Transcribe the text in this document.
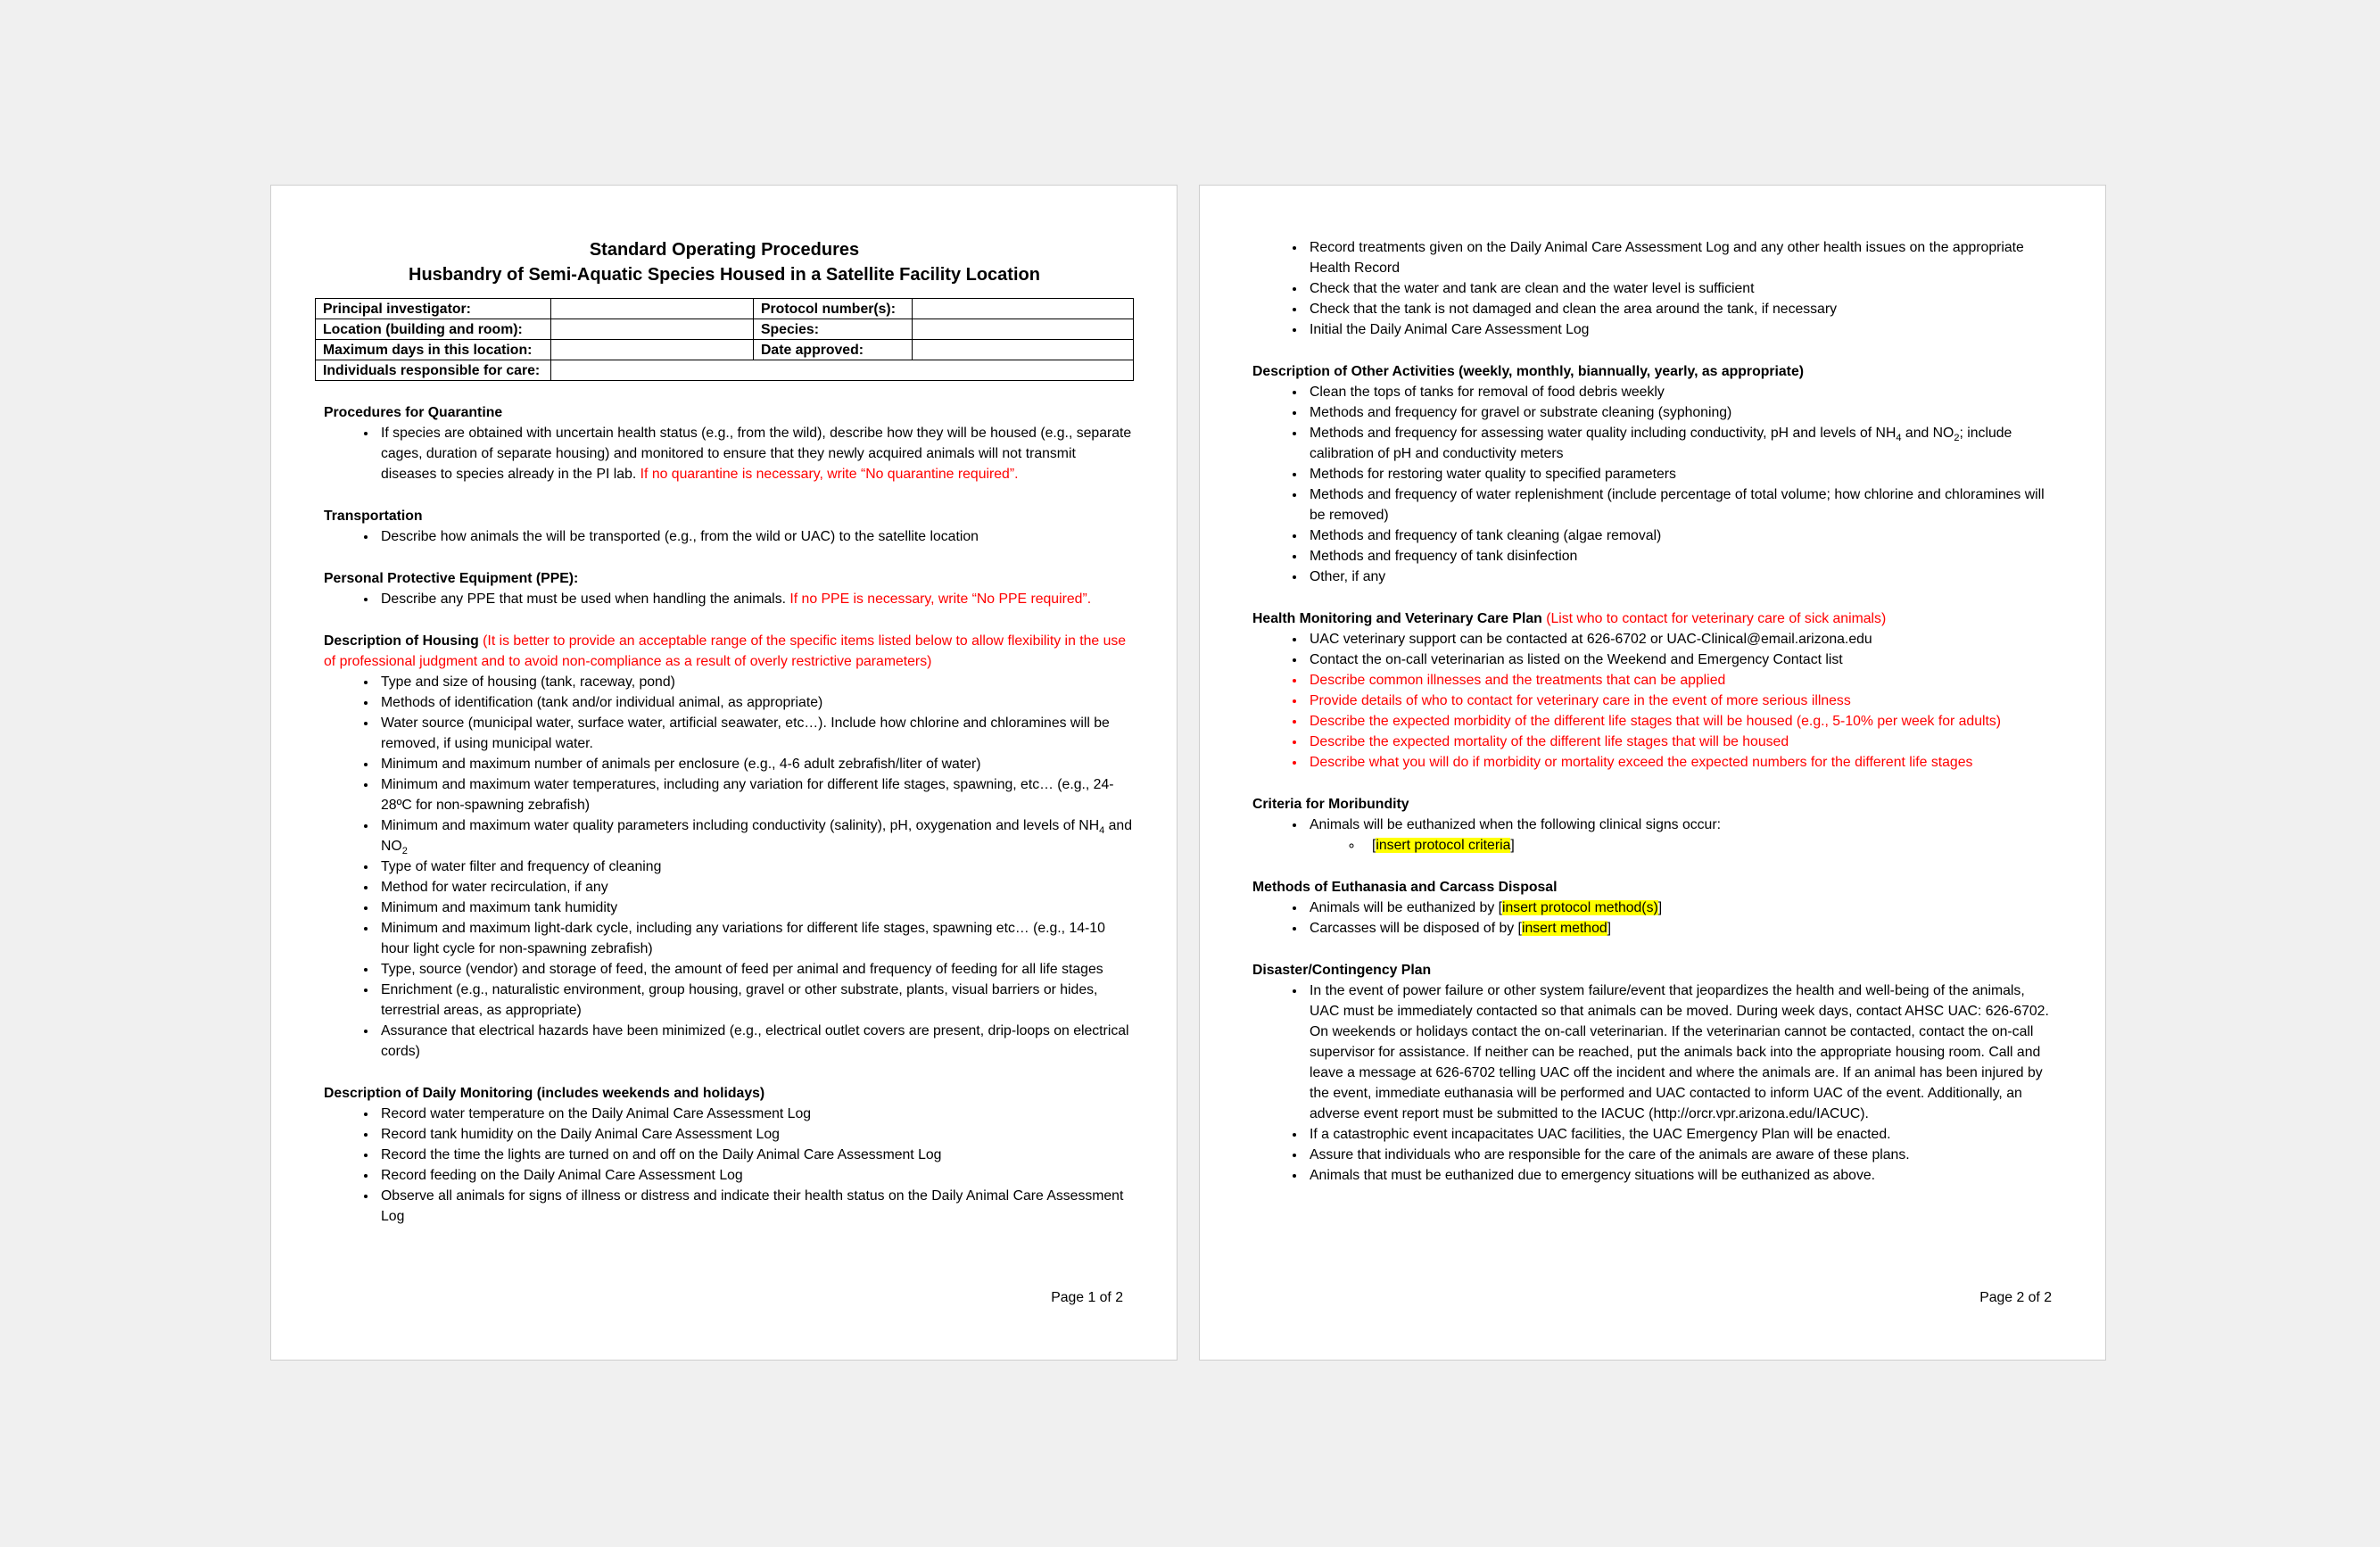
Standard Operating Procedures
Husbandry of Semi-Aquatic Species Housed in a Satellite Facility Location
Principal investigator:		Protocol number(s):	
Location (building and room):		Species:	
Maximum days in this location:		Date approved:	
Individuals responsible for care:			
Procedures for Quarantine
• If species are obtained with uncertain health status (e.g., from the wild), describe how they will be housed (e.g., separate cages, duration of separate housing) and monitored to ensure that they newly acquired animals will not transmit diseases to species already in the PI lab. If no quarantine is necessary, write “No quarantine required”.
Transportation
• Describe how animals the will be transported (e.g., from the wild or UAC) to the satellite location
Personal Protective Equipment (PPE):
• Describe any PPE that must be used when handling the animals. If no PPE is necessary, write “No PPE required”.
Description of Housing (It is better to provide an acceptable range of the specific items listed below to allow flexibility in the use of professional judgment and to avoid non-compliance as a result of overly restrictive parameters)
• Type and size of housing (tank, raceway, pond)
• Methods of identification (tank and/or individual animal, as appropriate)
• Water source (municipal water, surface water, artificial seawater, etc…). Include how chlorine and chloramines will be removed, if using municipal water.
• Minimum and maximum number of animals per enclosure (e.g., 4-6 adult zebrafish/liter of water)
• Minimum and maximum water temperatures, including any variation for different life stages, spawning, etc… (e.g., 24-28ºC for non-spawning zebrafish)
• Minimum and maximum water quality parameters including conductivity (salinity), pH, oxygenation and levels of $NH_4$ and $NO_2$
• Type of water filter and frequency of cleaning
• Method for water recirculation, if any
• Minimum and maximum tank humidity
• Minimum and maximum light-dark cycle, including any variations for different life stages, spawning etc… (e.g., 14-10 hour light cycle for non-spawning zebrafish)
• Type, source (vendor) and storage of feed, the amount of feed per animal and frequency of feeding for all life stages
• Enrichment (e.g., naturalistic environment, group housing, gravel or other substrate, plants, visual barriers or hides, terrestrial areas, as appropriate)
• Assurance that electrical hazards have been minimized (e.g., electrical outlet covers are present, drip-loops on electrical cords)
Description of Daily Monitoring (includes weekends and holidays)
• Record water temperature on the Daily Animal Care Assessment Log
• Record tank humidity on the Daily Animal Care Assessment Log
• Record the time the lights are turned on and off on the Daily Animal Care Assessment Log
• Record feeding on the Daily Animal Care Assessment Log
• Observe all animals for signs of illness or distress and indicate their health status on the Daily Animal Care Assessment Log
Page 1 of 2
• Record treatments given on the Daily Animal Care Assessment Log and any other health issues on the appropriate Health Record
• Check that the water and tank are clean and the water level is sufficient
• Check that the tank is not damaged and clean the area around the tank, if necessary
• Initial the Daily Animal Care Assessment Log
Description of Other Activities (weekly, monthly, biannually, yearly, as appropriate)
• Clean the tops of tanks for removal of food debris weekly
• Methods and frequency for gravel or substrate cleaning (syphoning)
• Methods and frequency for assessing water quality including conductivity, pH and levels of $NH_4$ and $NO_2$; include calibration of pH and conductivity meters
• Methods for restoring water quality to specified parameters
• Methods and frequency of water replenishment (include percentage of total volume; how chlorine and chloramines will be removed)
• Methods and frequency of tank cleaning (algae removal)
• Methods and frequency of tank disinfection
• Other, if any
Health Monitoring and Veterinary Care Plan (List who to contact for veterinary care of sick animals)
• UAC veterinary support can be contacted at 626-6702 or UAC-Clinical@email.arizona.edu
• Contact the on-call veterinarian as listed on the Weekend and Emergency Contact list
• Describe common illnesses and the treatments that can be applied
• Provide details of who to contact for veterinary care in the event of more serious illness
• Describe the expected morbidity of the different life stages that will be housed (e.g., 5-10% per week for adults)
• Describe the expected mortality of the different life stages that will be housed
• Describe what you will do if morbidity or mortality exceed the expected numbers for the different life stages
Criteria for Moribundity
• Animals will be euthanized when the following clinical signs occur:
◦ [insert protocol criteria]
Methods of Euthanasia and Carcass Disposal
• Animals will be euthanized by [insert protocol method(s)]
• Carcasses will be disposed of by [insert method]
Disaster/Contingency Plan
• In the event of power failure or other system failure/event that jeopardizes the health and well-being of the animals, UAC must be immediately contacted so that animals can be moved. During week days, contact AHSC UAC: 626-6702. On weekends or holidays contact the on-call veterinarian. If the veterinarian cannot be contacted, contact the on-call supervisor for assistance. If neither can be reached, put the animals back into the appropriate housing room. Call and leave a message at 626-6702 telling UAC off the incident and where the animals are. If an animal has been injured by the event, immediate euthanasia will be performed and UAC contacted to inform UAC of the event. Additionally, an adverse event report must be submitted to the IACUC (http://orcr.vpr.arizona.edu/IACUC).
• If a catastrophic event incapacitates UAC facilities, the UAC Emergency Plan will be enacted.
• Assure that individuals who are responsible for the care of the animals are aware of these plans.
• Animals that must be euthanized due to emergency situations will be euthanized as above.
Page 2 of 2
